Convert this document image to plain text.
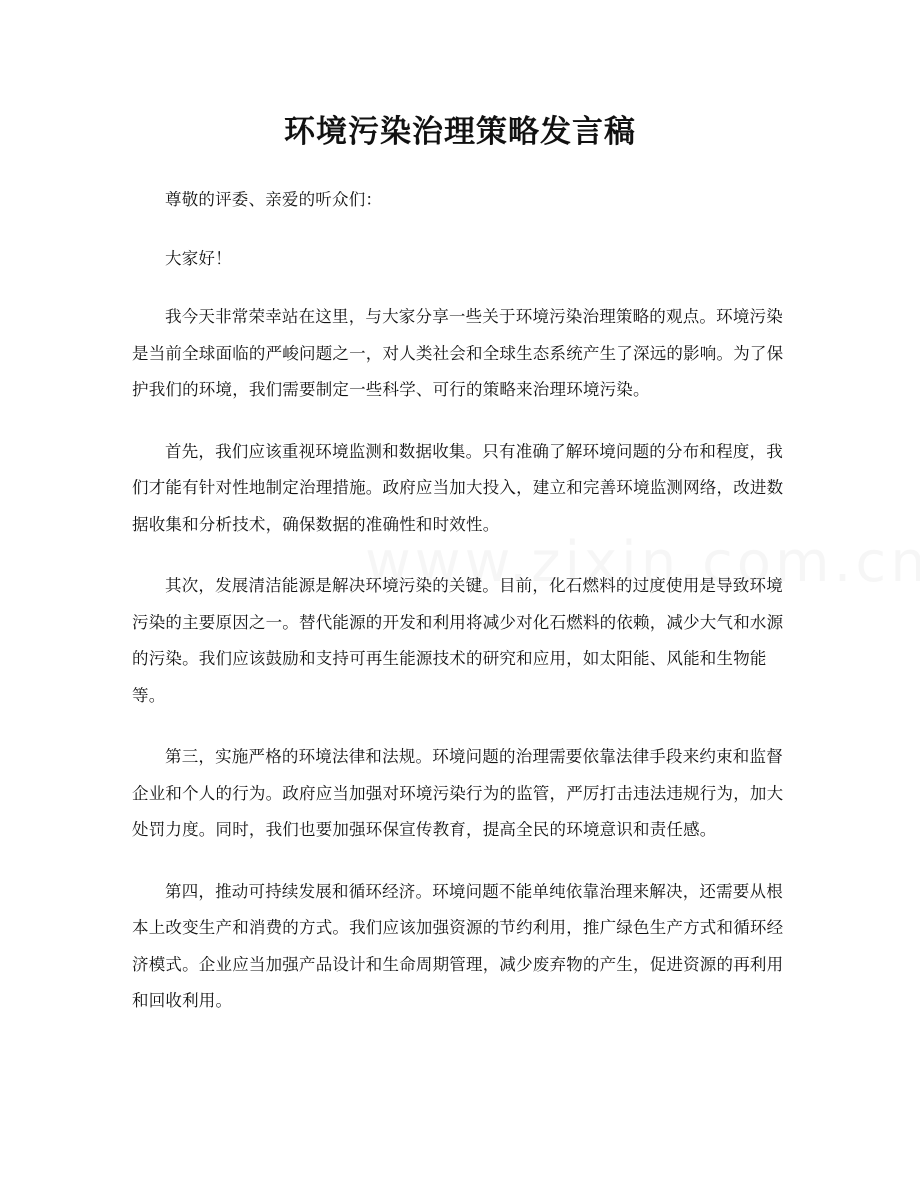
环境污染治理策略发言稿

尊敬的评委、亲爱的听众们：

大家好！

我今天非常荣幸站在这里，与大家分享一些关于环境污染治理策略的观点。环境污染是当前全球面临的严峻问题之一，对人类社会和全球生态系统产生了深远的影响。为了保护我们的环境，我们需要制定一些科学、可行的策略来治理环境污染。

首先，我们应该重视环境监测和数据收集。只有准确了解环境问题的分布和程度，我们才能有针对性地制定治理措施。政府应当加大投入，建立和完善环境监测网络，改进数据收集和分析技术，确保数据的准确性和时效性。

其次，发展清洁能源是解决环境污染的关键。目前，化石燃料的过度使用是导致环境污染的主要原因之一。替代能源的开发和利用将减少对化石燃料的依赖，减少大气和水源的污染。我们应该鼓励和支持可再生能源技术的研究和应用，如太阳能、风能和生物能等。

第三，实施严格的环境法律和法规。环境问题的治理需要依靠法律手段来约束和监督企业和个人的行为。政府应当加强对环境污染行为的监管，严厉打击违法违规行为，加大处罚力度。同时，我们也要加强环保宣传教育，提高全民的环境意识和责任感。

第四，推动可持续发展和循环经济。环境问题不能单纯依靠治理来解决，还需要从根本上改变生产和消费的方式。我们应该加强资源的节约利用，推广绿色生产方式和循环经济模式。企业应当加强产品设计和生命周期管理，减少废弃物的产生，促进资源的再利用和回收利用。
